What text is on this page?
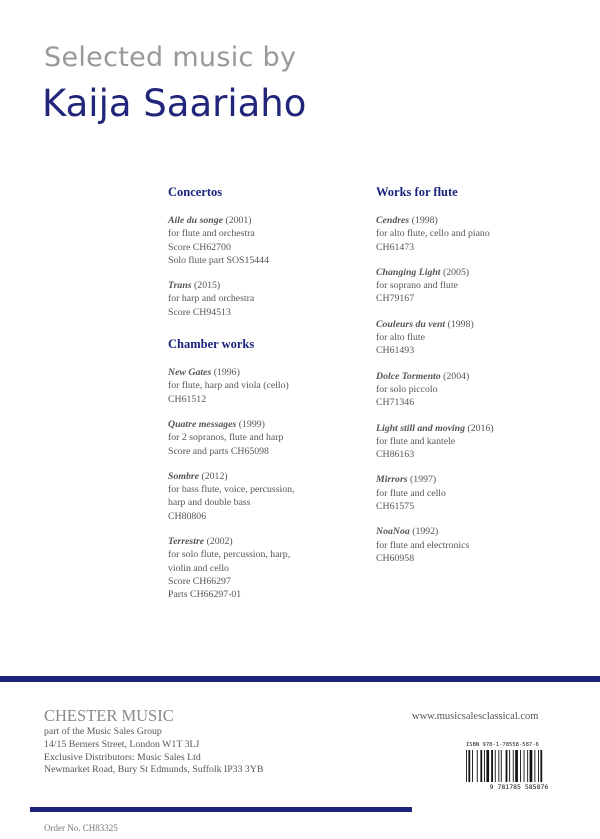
Selected music by
Kaija Saariaho
Concertos
Aile du songe (2001)
for flute and orchestra
Score CH62700
Solo flute part SOS15444
Trans (2015)
for harp and orchestra
Score CH94513
Chamber works
New Gates (1996)
for flute, harp and viola (cello)
CH61512
Quatre messages (1999)
for 2 sopranos, flute and harp
Score and parts CH65098
Sombre (2012)
for bass flute, voice, percussion,
harp and double bass
CH80806
Terrestre (2002)
for solo flute, percussion, harp,
violin and cello
Score CH66297
Parts CH66297-01
Works for flute
Cendres (1998)
for alto flute, cello and piano
CH61473
Changing Light (2005)
for soprano and flute
CH79167
Couleurs du vent (1998)
for alto flute
CH61493
Dolce Tormento (2004)
for solo piccolo
CH71346
Light still and moving (2016)
for flute and kantele
CH86163
Mirrors (1997)
for flute and cello
CH61575
NoaNoa (1992)
for flute and electronics
CH60958
CHESTER MUSIC
part of the Music Sales Group
14/15 Berners Street, London W1T 3LJ
Exclusive Distributors: Music Sales Ltd
Newmarket Road, Bury St Edmunds, Suffolk IP33 3YB
www.musicsalesclassical.com
ISBN 978-1-78558-587-6
9 781785 585876
Order No. CH83325
